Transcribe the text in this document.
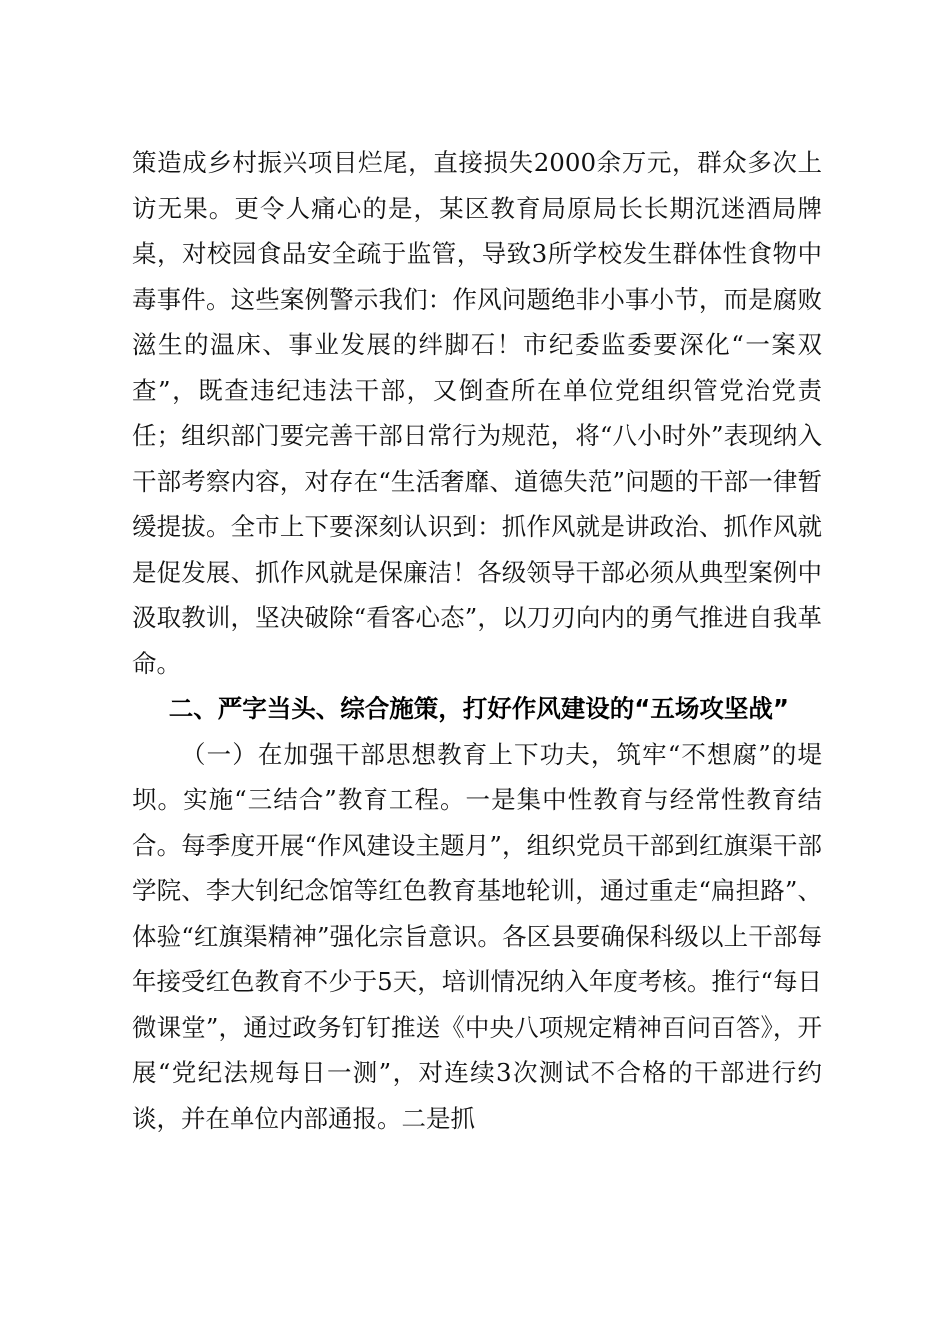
策造成乡村振兴项目烂尾，直接损失2000余万元，群众多次上访无果。更令人痛心的是，某区教育局原局长长期沉迷酒局牌桌，对校园食品安全疏于监管，导致3所学校发生群体性食物中毒事件。这些案例警示我们：作风问题绝非小事小节，而是腐败滋生的温床、事业发展的绊脚石！市纪委监委要深化“一案双查”，既查违纪违法干部，又倒查所在单位党组织管党治党责任；组织部门要完善干部日常行为规范，将“八小时外”表现纳入干部考察内容，对存在“生活奢靡、道德失范”问题的干部一律暂缓提拔。全市上下要深刻认识到：抓作风就是讲政治、抓作风就是促发展、抓作风就是保廉洁！各级领导干部必须从典型案例中汲取教训，坚决破除“看客心态”，以刀刃向内的勇气推进自我革命。

二、严字当头、综合施策，打好作风建设的“五场攻坚战”

（一）在加强干部思想教育上下功夫，筑牢“不想腐”的堤坝。实施“三结合”教育工程。一是集中性教育与经常性教育结合。每季度开展“作风建设主题月”，组织党员干部到红旗渠干部学院、李大钊纪念馆等红色教育基地轮训，通过重走“扁担路”、体验“红旗渠精神”强化宗旨意识。各区县要确保科级以上干部每年接受红色教育不少于5天，培训情况纳入年度考核。推行“每日微课堂”，通过政务钉钉推送《中央八项规定精神百问百答》，开展“党纪法规每日一测”，对连续3次测试不合格的干部进行约谈，并在单位内部通报。二是抓
